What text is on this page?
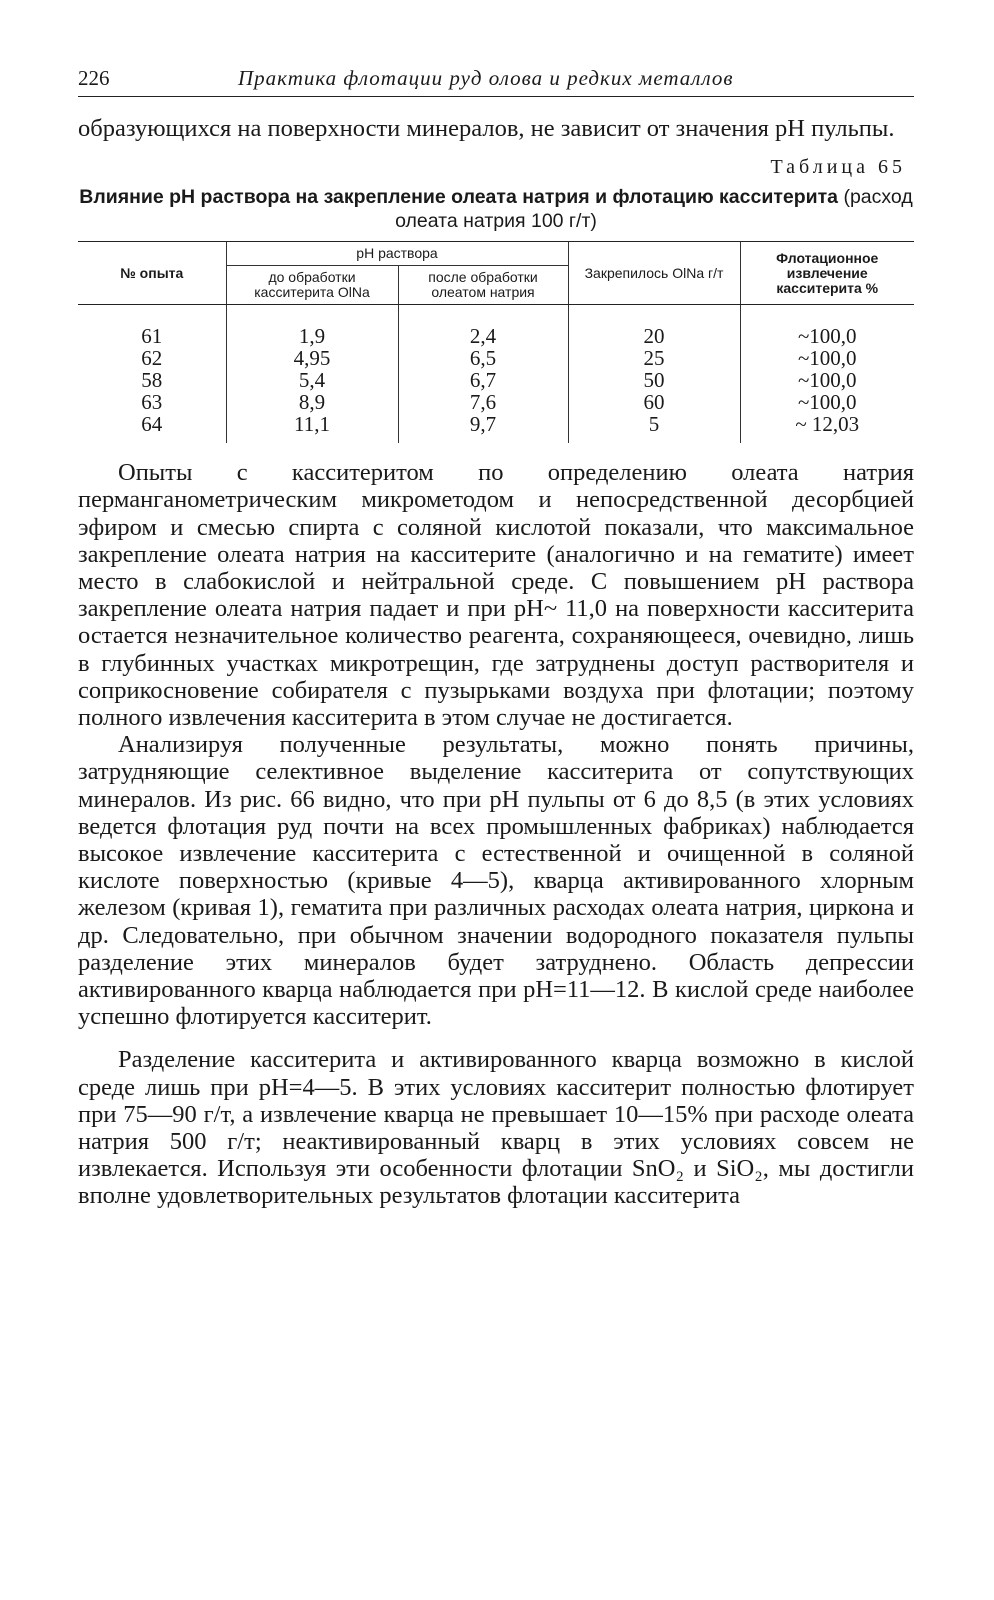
226	Практика флотации руд олова и редких металлов

образующихся на поверхности минералов, не зависит от значения pH пульпы.

Таблица 65
Влияние pH раствора на закрепление олеата натрия и флотацию касситерита (расход олеата натрия 100 г/т)
№ опыта	pH раствора		Закрепилось OlNa г/т	Флотационное извлечение касситерита %
	до обработки касситерита OlNa	после обработки олеатом натрия		
61	1,9	2,4	20	~100,0
62	4,95	6,5	25	~100,0
58	5,4	6,7	50	~100,0
63	8,9	7,6	60	~100,0
64	11,1	9,7	5	~ 12,03

Опыты с касситеритом по определению олеата натрия перманганометрическим микрометодом и непосредственной десорбцией эфиром и смесью спирта с соляной кислотой показали, что максимальное закрепление олеата натрия на касситерите (аналогично и на гематите) имеет место в слабокислой и нейтральной среде. С повышением pH раствора закрепление олеата натрия падает и при pH~ 11,0 на поверхности касситерита остается незначительное количество реагента, сохраняющееся, очевидно, лишь в глубинных участках микротрещин, где затруднены доступ растворителя и соприкосновение собирателя с пузырьками воздуха при флотации; поэтому полного извлечения касситерита в этом случае не достигается.

Анализируя полученные результаты, можно понять причины, затрудняющие селективное выделение касситерита от сопутствующих минералов. Из рис. 66 видно, что при pH пульпы от 6 до 8,5 (в этих условиях ведется флотация руд почти на всех промышленных фабриках) наблюдается высокое извлечение касситерита с естественной и очищенной в соляной кислоте поверхностью (кривые 4—5), кварца активированного хлорным железом (кривая 1), гематита при различных расходах олеата натрия, циркона и др. Следовательно, при обычном значении водородного показателя пульпы разделение этих минералов будет затруднено. Область депрессии активированного кварца наблюдается при pH=11—12. В кислой среде наиболее успешно флотируется касситерит.

Разделение касситерита и активированного кварца возможно в кислой среде лишь при pH=4—5. В этих условиях касситерит полностью флотирует при 75—90 г/т, а извлечение кварца не превышает 10—15% при расходе олеата натрия 500 г/т; неактивированный кварц в этих условиях совсем не извлекается. Используя эти особенности флотации SnO₂ и SiO₂, мы достигли вполне удовлетворительных результатов флотации касситерита
